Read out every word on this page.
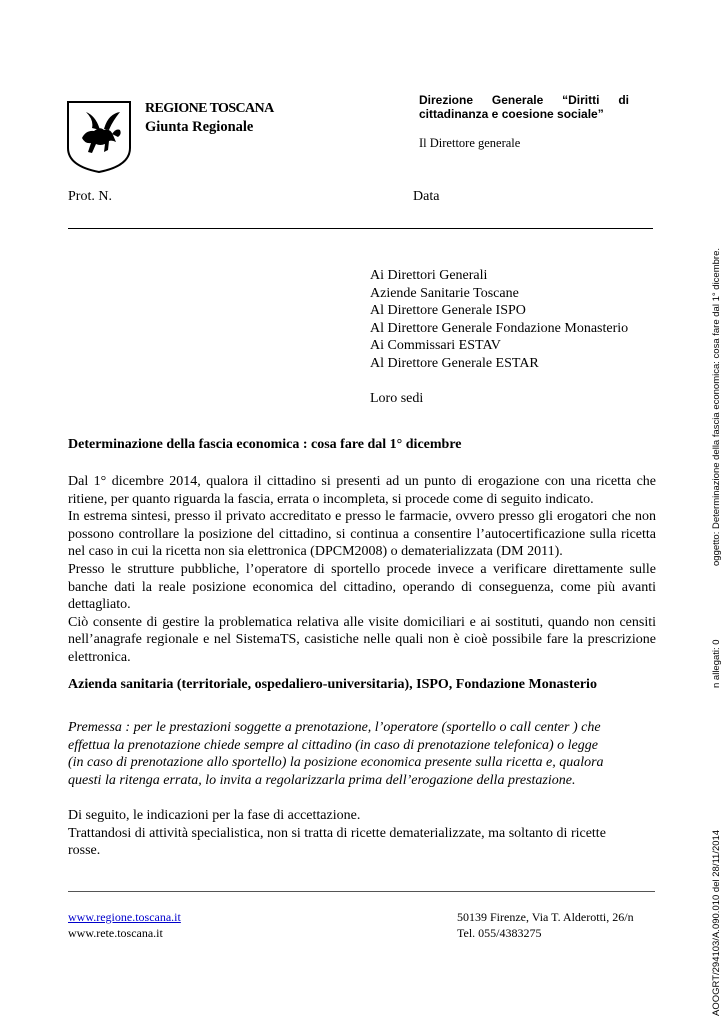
REGIONE TOSCANA
Giunta Regionale
Direzione Generale “Diritti di cittadinanza e coesione sociale”
Il Direttore generale
Prot. N.	Data
Ai Direttori Generali
Aziende Sanitarie Toscane
Al Direttore Generale ISPO
Al Direttore Generale Fondazione Monasterio
Ai Commissari ESTAV
Al Direttore Generale ESTAR
Loro sedi
Determinazione della fascia economica : cosa fare dal 1° dicembre

Dal 1° dicembre 2014, qualora il cittadino si presenti ad un punto di erogazione con una ricetta che ritiene, per quanto riguarda la fascia, errata o incompleta, si procede come di seguito indicato.

In estrema sintesi, presso il privato accreditato e presso le farmacie, ovvero presso gli erogatori che non possono controllare la posizione del cittadino, si continua a consentire l’autocertificazione sulla ricetta nel caso in cui la ricetta non sia elettronica (DPCM2008) o dematerializzata (DM 2011).

Presso le strutture pubbliche, l’operatore di sportello procede invece a verificare direttamente sulle banche dati la reale posizione economica del cittadino, operando di conseguenza, come più avanti dettagliato.

Ciò consente di gestire la problematica relativa alle visite domiciliari e ai sostituti, quando non censiti nell’anagrafe regionale e nel SistemaTS, casistiche nelle quali non è cioè possibile fare la prescrizione elettronica.

Azienda sanitaria (territoriale, ospedaliero-universitaria), ISPO, Fondazione Monasterio
Premessa : per le prestazioni soggette a prenotazione, l’operatore (sportello o call center ) che
effettua la prenotazione chiede sempre al cittadino (in caso di prenotazione telefonica) o legge
(in caso di prenotazione allo sportello) la posizione economica presente sulla ricetta e, qualora
questi la ritenga errata, lo invita a regolarizzarla prima dell’erogazione della prestazione.
Di seguito, le indicazioni per la fase di accettazione.
Trattandosi di attività specialistica, non si tratta di ricette dematerializzate, ma soltanto di ricette
rosse.
www.regione.toscana.it
www.rete.toscana.it
50139 Firenze, Via T. Alderotti, 26/n
Tel. 055/4383275
oggetto: Determinazione della fascia economica: cosa fare dal 1° dicembre.
n allegati: 0
AOOGRT/294103/A.090.010 del 28/11/2014
